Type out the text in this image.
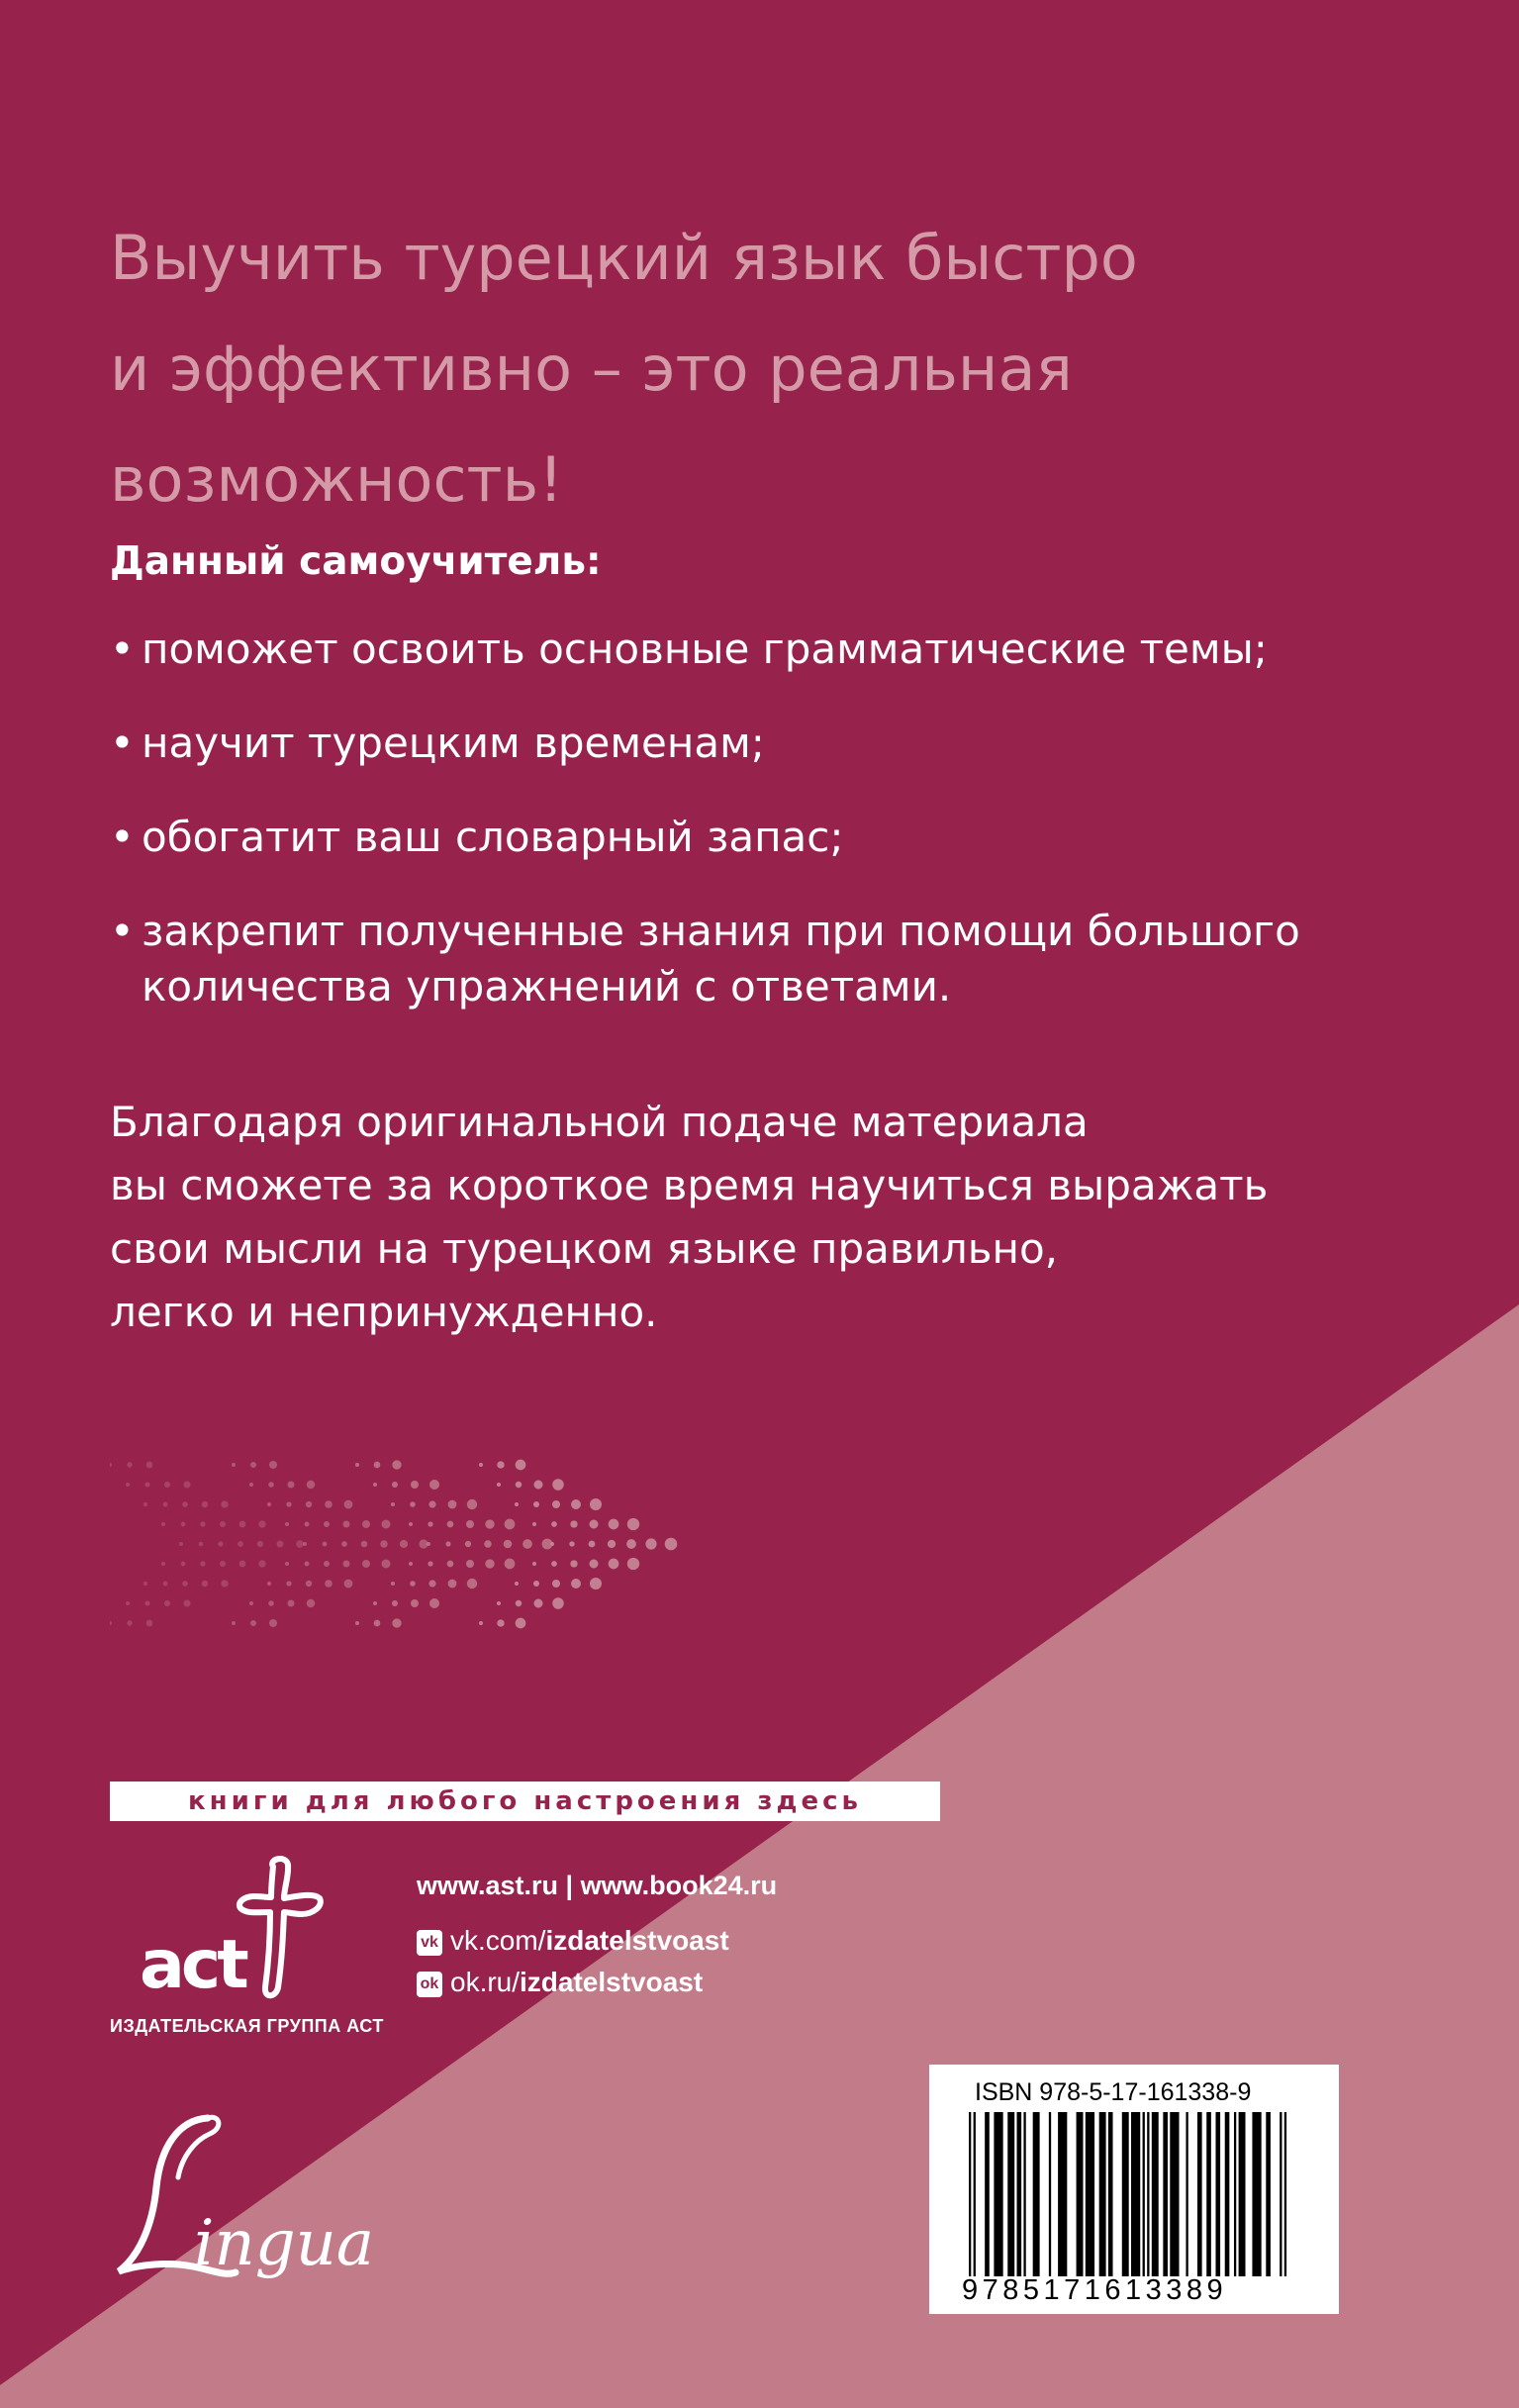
Выучить турецкий язык быстро
и эффективно – это реальная
возможность!
Данный самоучитель:
• поможет освоить основные грамматические темы;
• научит турецким временам;
• обогатит ваш словарный запас;
• закрепит полученные знания при помощи большого
количества упражнений с ответами.
Благодаря оригинальной подаче материала
вы сможете за короткое время научиться выражать
свои мысли на турецком языке правильно,
легко и непринужденно.
книги для любого настроения здесь
act
ИЗДАТЕЛЬСКАЯ ГРУППА АСТ
www.ast.ru | www.book24.ru
vk vk.com/izdatelstvoast
ok ok.ru/izdatelstvoast
ingua
ISBN 978-5-17-161338-9
9785171613389
